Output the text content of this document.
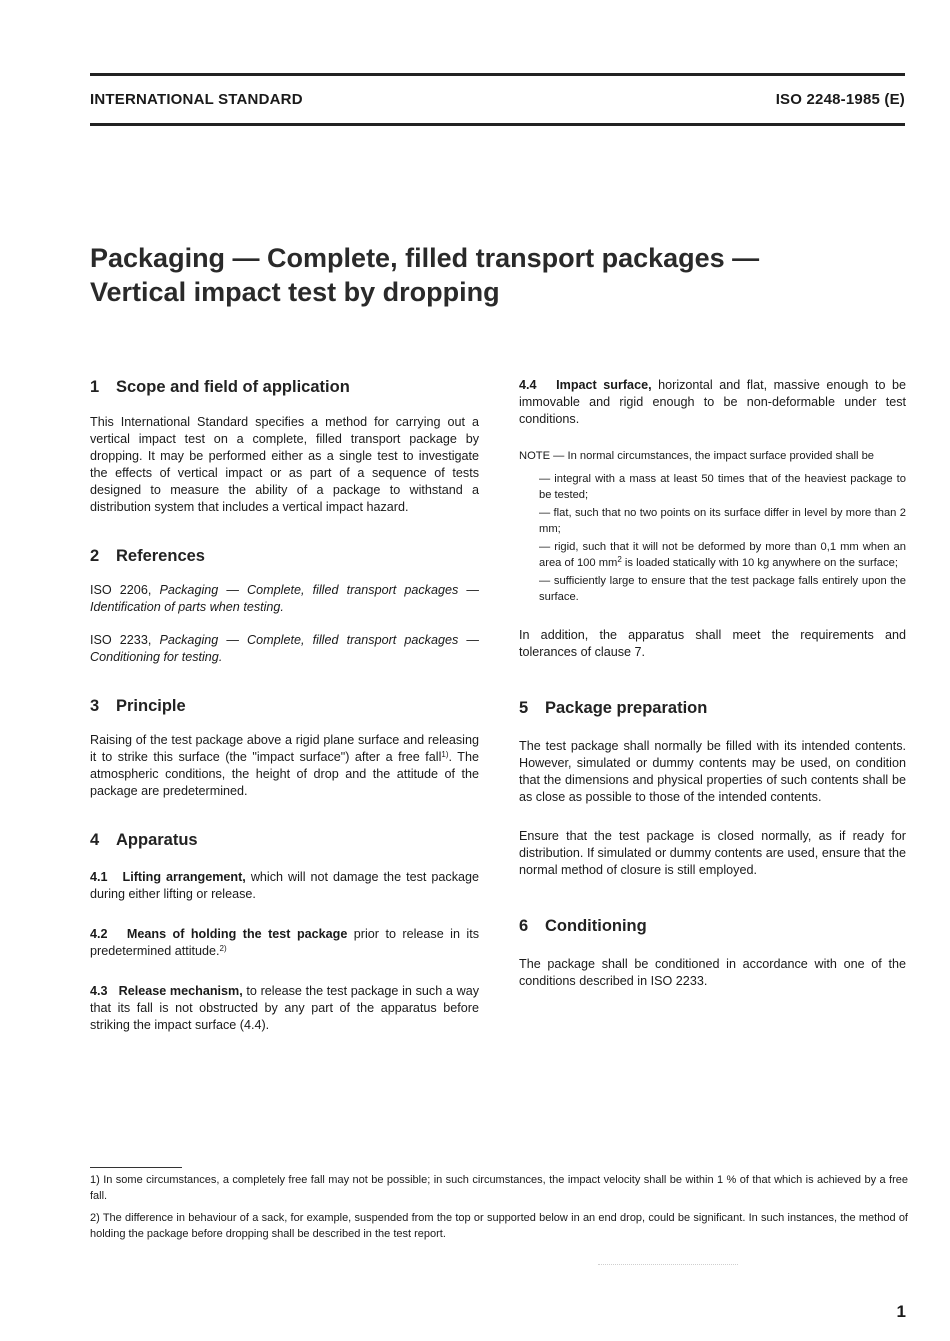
INTERNATIONAL STANDARD	ISO 2248-1985 (E)
Packaging — Complete, filled transport packages —
Vertical impact test by dropping
1 Scope and field of application

This International Standard specifies a method for carrying out a vertical impact test on a complete, filled transport package by dropping. It may be performed either as a single test to investigate the effects of vertical impact or as part of a sequence of tests designed to measure the ability of a package to withstand a distribution system that includes a vertical impact hazard.

2 References

ISO 2206, Packaging — Complete, filled transport packages — Identification of parts when testing.

ISO 2233, Packaging — Complete, filled transport packages — Conditioning for testing.

3 Principle

Raising of the test package above a rigid plane surface and releasing it to strike this surface (the "impact surface") after a free fall$^{1)}$. The atmospheric conditions, the height of drop and the attitude of the package are predetermined.

4 Apparatus

4.1 Lifting arrangement, which will not damage the test package during either lifting or release.

4.2 Means of holding the test package prior to release in its predetermined attitude.$^{2)}$

4.3 Release mechanism, to release the test package in such a way that its fall is not obstructed by any part of the apparatus before striking the impact surface (4.4).

4.4 Impact surface, horizontal and flat, massive enough to be immovable and rigid enough to be non-deformable under test conditions.

NOTE — In normal circumstances, the impact surface provided shall be

— integral with a mass at least 50 times that of the heaviest package to be tested;

— flat, such that no two points on its surface differ in level by more than 2 mm;

— rigid, such that it will not be deformed by more than 0,1 mm when an area of 100 $mm^2$ is loaded statically with 10 kg anywhere on the surface;

— sufficiently large to ensure that the test package falls entirely upon the surface.

In addition, the apparatus shall meet the requirements and tolerances of clause 7.

5 Package preparation

The test package shall normally be filled with its intended contents. However, simulated or dummy contents may be used, on condition that the dimensions and physical properties of such contents shall be as close as possible to those of the intended contents.

Ensure that the test package is closed normally, as if ready for distribution. If simulated or dummy contents are used, ensure that the normal method of closure is still employed.

6 Conditioning

The package shall be conditioned in accordance with one of the conditions described in ISO 2233.

1) In some circumstances, a completely free fall may not be possible; in such circumstances, the impact velocity shall be within 1 % of that which is achieved by a free fall.

2) The difference in behaviour of a sack, for example, suspended from the top or supported below in an end drop, could be significant. In such instances, the method of holding the package before dropping shall be described in the test report.

1
